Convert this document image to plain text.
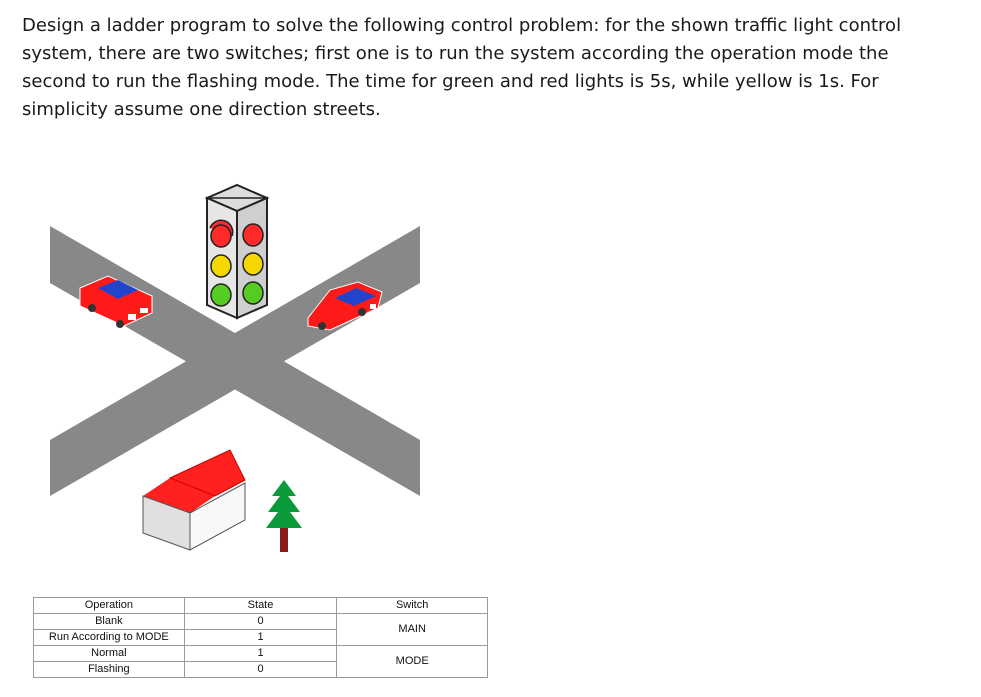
Design a ladder program to solve the following control problem: for the shown traffic light control system, there are two switches; first one is to run the system according the operation mode the second to run the flashing mode. The time for green and red lights is 5s, while yellow is 1s. For simplicity assume one direction streets.

Operation	State	Switch
Blank	0	MAIN
Run According to MODE	1	
Normal	1	MODE
Flashing	0	
